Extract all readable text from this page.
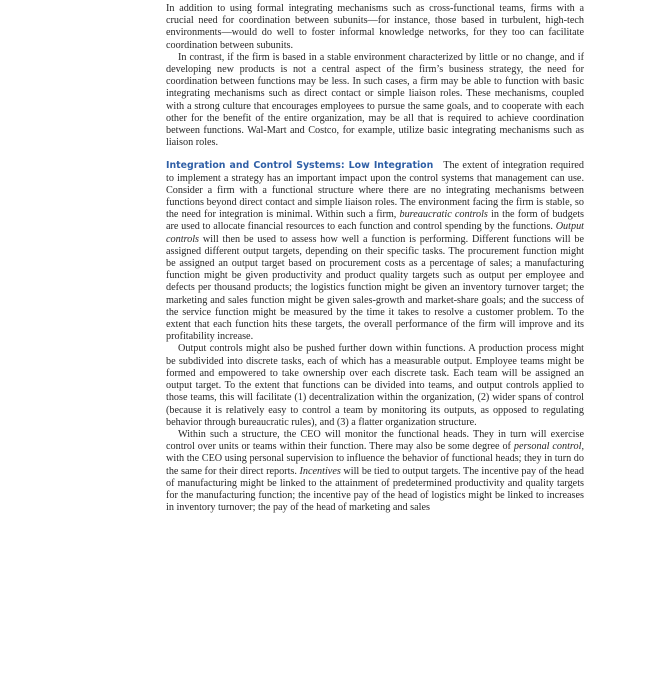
In addition to using formal integrating mechanisms such as cross-functional teams, firms with a crucial need for coordination between subunits—for instance, those based in turbulent, high-tech environments—would do well to foster informal knowledge networks, for they too can facilitate coordination between subunits.

In contrast, if the firm is based in a stable environment characterized by little or no change, and if developing new products is not a central aspect of the firm’s business strategy, the need for coordination between functions may be less. In such cases, a firm may be able to function with basic integrating mechanisms such as direct contact or simple liaison roles. These mechanisms, coupled with a strong culture that encourages employees to pursue the same goals, and to cooperate with each other for the benefit of the entire organization, may be all that is required to achieve coordination between functions. Wal-Mart and Costco, for example, utilize basic integrating mechanisms such as liaison roles.

Integration and Control Systems: Low Integration The extent of integration required to implement a strategy has an important impact upon the control systems that management can use. Consider a firm with a functional structure where there are no integrating mechanisms between functions beyond direct contact and simple liaison roles. The environment facing the firm is stable, so the need for integration is minimal. Within such a firm, bureaucratic controls in the form of budgets are used to allocate financial resources to each function and control spending by the functions. Output controls will then be used to assess how well a function is performing. Different functions will be assigned different output targets, depending on their specific tasks. The procurement function might be assigned an output target based on procurement costs as a percentage of sales; a manufacturing function might be given productivity and product quality targets such as output per employee and defects per thousand products; the logistics function might be given an inventory turnover target; the marketing and sales function might be given sales-growth and market-share goals; and the success of the service function might be measured by the time it takes to resolve a customer problem. To the extent that each function hits these targets, the overall performance of the firm will improve and its profitability increase.

Output controls might also be pushed further down within functions. A production process might be subdivided into discrete tasks, each of which has a measurable output. Employee teams might be formed and empowered to take ownership over each discrete task. Each team will be assigned an output target. To the extent that functions can be divided into teams, and output controls applied to those teams, this will facilitate (1) decentralization within the organization, (2) wider spans of control (because it is relatively easy to control a team by monitoring its outputs, as opposed to regulating behavior through bureaucratic rules), and (3) a flatter organization structure.

Within such a structure, the CEO will monitor the functional heads. They in turn will exercise control over units or teams within their function. There may also be some degree of personal control, with the CEO using personal supervision to influence the behavior of functional heads; they in turn do the same for their direct reports. Incentives will be tied to output targets. The incentive pay of the head of manufacturing might be linked to the attainment of predetermined productivity and quality targets for the manufacturing function; the incentive pay of the head of logistics might be linked to increases in inventory turnover; the pay of the head of marketing and sales
